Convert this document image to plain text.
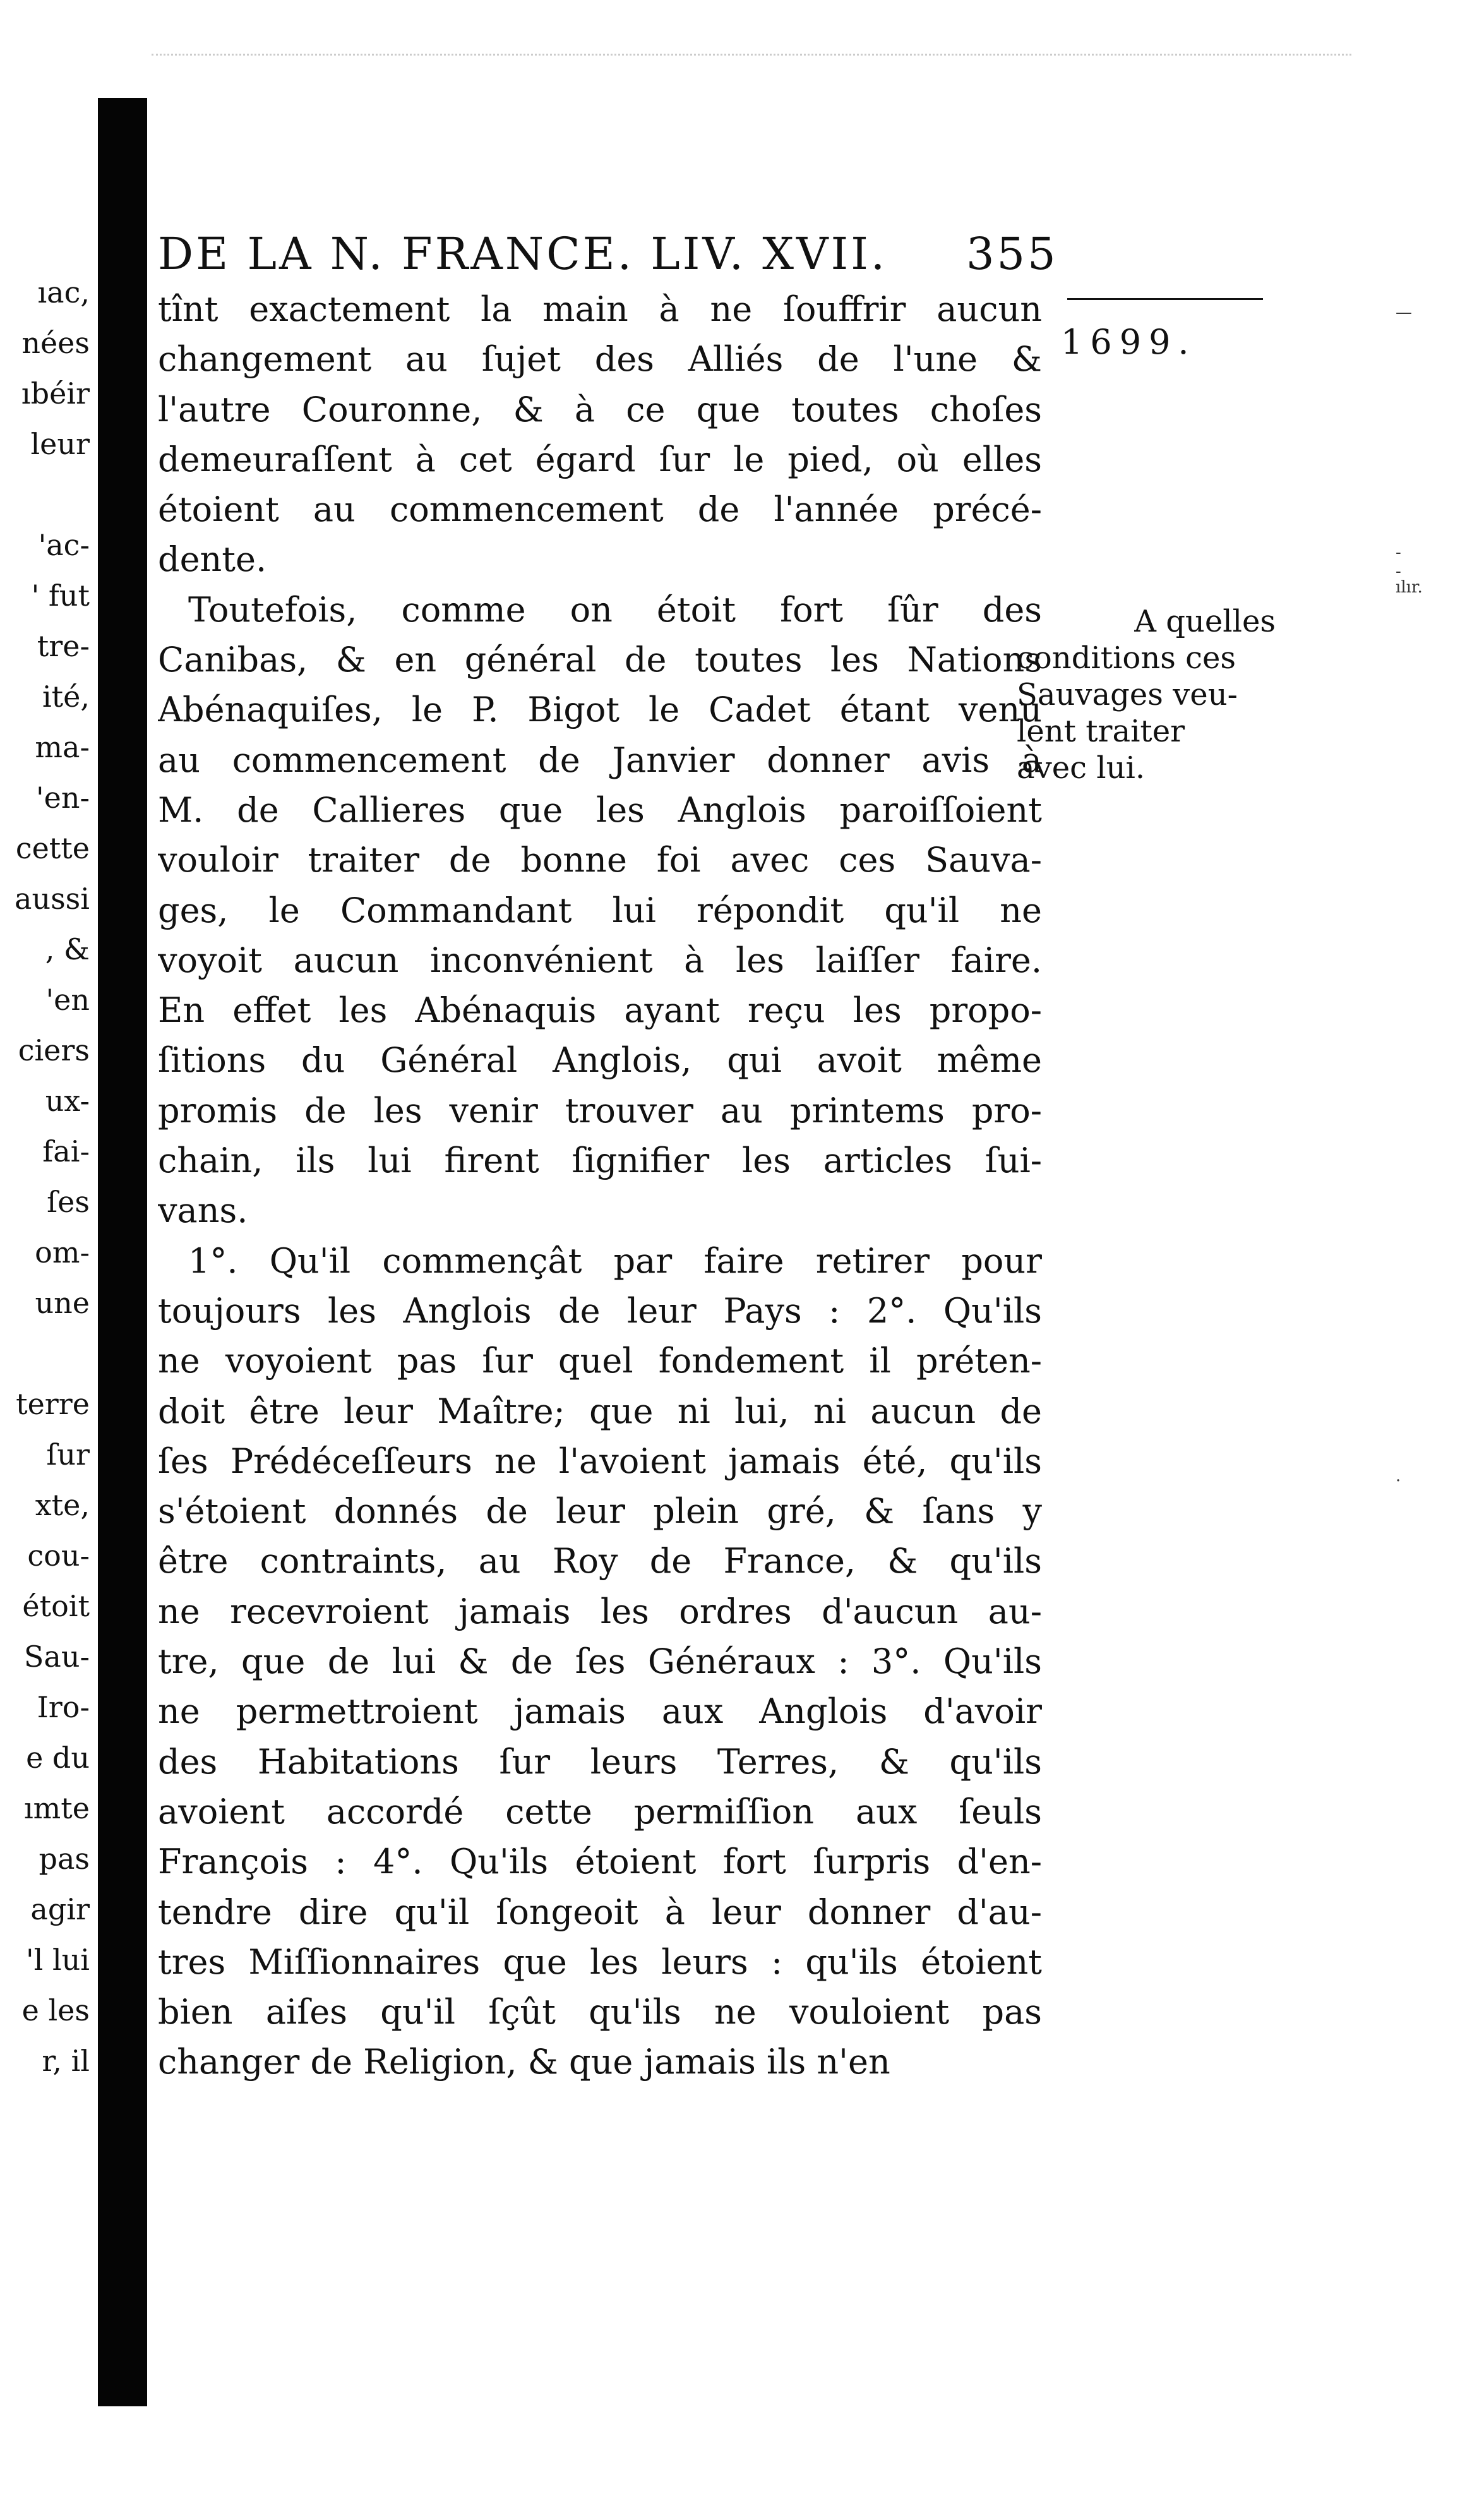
ıac,
nées
ıbéir
leur
'ac-
' fut
tre-
ité,
ma-
'en-
cette
aussi
, &
'en
ciers
ux-
fai-
ſes
om-
une
terre
ſur
xte,
cou-
étoit
Sau-
Iro-
e du
ımte
pas
agir
'l lui
e les
r, il
DE LA N. FRANCE. LIV. XVII. 355
tînt exactement la main à ne ſouffrir aucun
changement au ſujet des Alliés de l'une &
l'autre Couronne, & à ce que toutes choſes
demeuraſſent à cet égard ſur le pied, où elles
étoient au commencement de l'année précé-
dente.
Toutefois, comme on étoit fort ſûr des
Canibas, & en général de toutes les Nations
Abénaquiſes, le P. Bigot le Cadet étant venu
au commencement de Janvier donner avis à
M. de Callieres que les Anglois paroiſſoient
vouloir traiter de bonne foi avec ces Sauva-
ges, le Commandant lui répondit qu'il ne
voyoit aucun inconvénient à les laiſſer faire.
En effet les Abénaquis ayant reçu les propo-
ſitions du Général Anglois, qui avoit même
promis de les venir trouver au printems pro-
chain, ils lui firent ſignifier les articles ſui-
vans.
1°. Qu'il commençât par faire retirer pour
toujours les Anglois de leur Pays : 2°. Qu'ils
ne voyoient pas ſur quel fondement il préten-
doit être leur Maître; que ni lui, ni aucun de
ſes Prédéceſſeurs ne l'avoient jamais été, qu'ils
s'étoient donnés de leur plein gré, & ſans y
être contraints, au Roy de France, & qu'ils
ne recevroient jamais les ordres d'aucun au-
tre, que de lui & de ſes Généraux : 3°. Qu'ils
ne permettroient jamais aux Anglois d'avoir
des Habitations ſur leurs Terres, & qu'ils
avoient accordé cette permiſſion aux ſeuls
François : 4°. Qu'ils étoient fort ſurpris d'en-
tendre dire qu'il ſongeoit à leur donner d'au-
tres Miſſionnaires que les leurs : qu'ils étoient
bien aiſes qu'il ſçût qu'ils ne vouloient pas
changer de Religion, & que jamais ils n'en
1699.
A quelles
conditions ces
Sauvages veu-
lent traiter
avec lui.
—
- -
ılır.
·
